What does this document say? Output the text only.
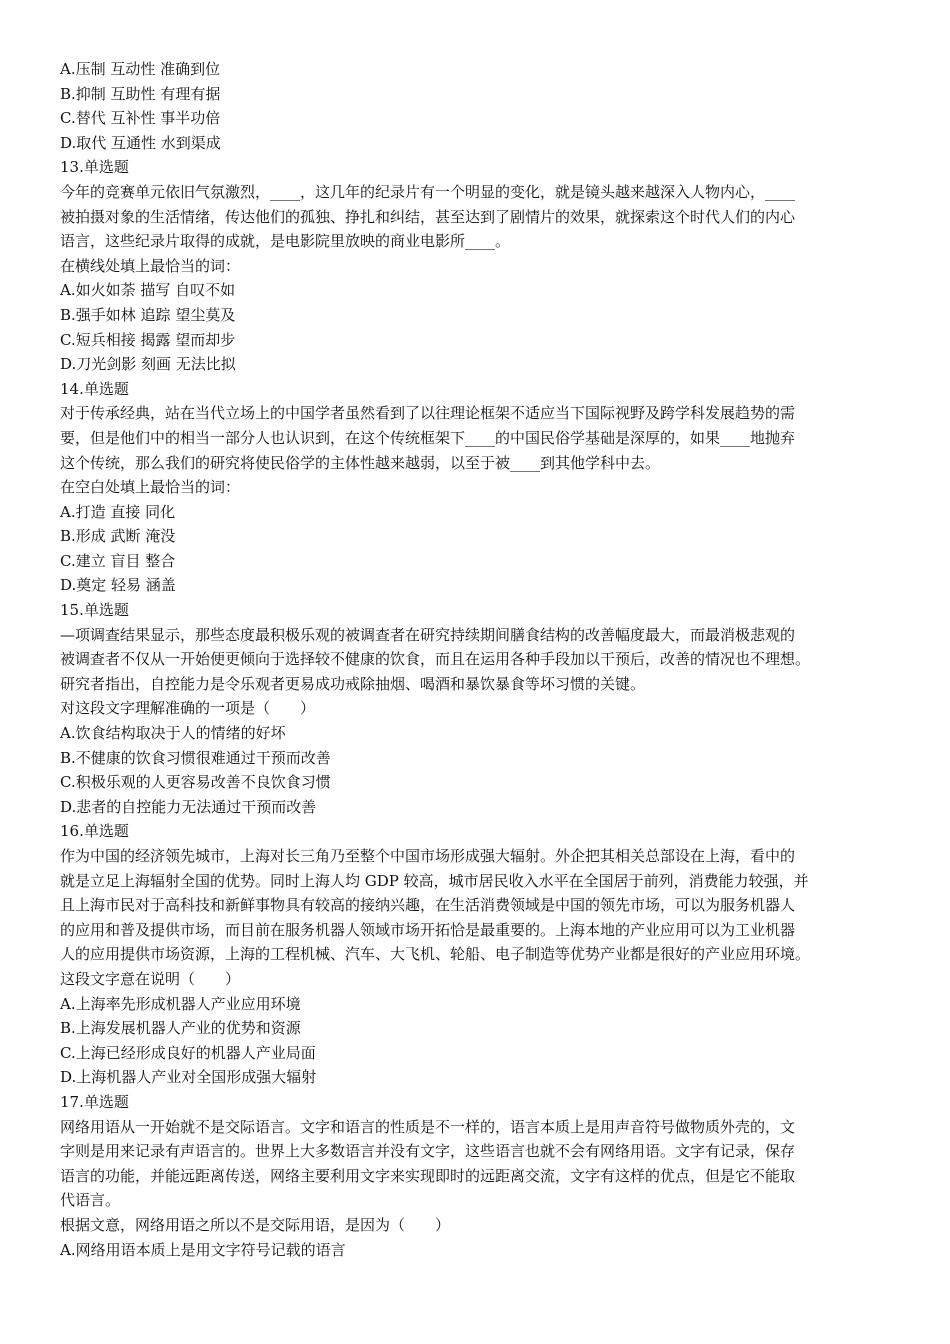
A.压制 互动性 准确到位
B.抑制 互助性 有理有据
C.替代 互补性 事半功倍
D.取代 互通性 水到渠成
13.单选题
今年的竞赛单元依旧气氛激烈，____，这几年的纪录片有一个明显的变化，就是镜头越来越深入人物内心，____
被拍摄对象的生活情绪，传达他们的孤独、挣扎和纠结，甚至达到了剧情片的效果，就探索这个时代人们的内心
语言，这些纪录片取得的成就，是电影院里放映的商业电影所____。
在横线处填上最恰当的词：
A.如火如荼 描写 自叹不如
B.强手如林 追踪 望尘莫及
C.短兵相接 揭露 望而却步
D.刀光剑影 刻画 无法比拟
14.单选题
对于传承经典，站在当代立场上的中国学者虽然看到了以往理论框架不适应当下国际视野及跨学科发展趋势的需
要，但是他们中的相当一部分人也认识到，在这个传统框架下____的中国民俗学基础是深厚的，如果____地抛弃
这个传统，那么我们的研究将使民俗学的主体性越来越弱，以至于被____到其他学科中去。
在空白处填上最恰当的词：
A.打造 直接 同化
B.形成 武断 淹没
C.建立 盲目 整合
D.奠定 轻易 涵盖
15.单选题
—项调查结果显示，那些态度最积极乐观的被调查者在研究持续期间膳食结构的改善幅度最大，而最消极悲观的
被调查者不仅从一开始便更倾向于选择较不健康的饮食，而且在运用各种手段加以干预后，改善的情况也不理想。
研究者指出，自控能力是令乐观者更易成功戒除抽烟、喝酒和暴饮暴食等坏习惯的关键。
对这段文字理解准确的一项是（　　）
A.饮食结构取决于人的情绪的好坏
B.不健康的饮食习惯很难通过干预而改善
C.积极乐观的人更容易改善不良饮食习惯
D.悲者的自控能力无法通过干预而改善
16.单选题
作为中国的经济领先城市，上海对长三角乃至整个中国市场形成强大辐射。外企把其相关总部设在上海，看中的
就是立足上海辐射全国的优势。同时上海人均 GDP 较高，城市居民收入水平在全国居于前列，消费能力较强，并
且上海市民对于高科技和新鲜事物具有较高的接纳兴趣，在生活消费领域是中国的领先市场，可以为服务机器人
的应用和普及提供市场，而目前在服务机器人领域市场开拓恰是最重要的。上海本地的产业应用可以为工业机器
人的应用提供市场资源，上海的工程机械、汽车、大飞机、轮船、电子制造等优势产业都是很好的产业应用环境。
这段文字意在说明（　　）
A.上海率先形成机器人产业应用环境
B.上海发展机器人产业的优势和资源
C.上海已经形成良好的机器人产业局面
D.上海机器人产业对全国形成强大辐射
17.单选题
网络用语从一开始就不是交际语言。文字和语言的性质是不一样的，语言本质上是用声音符号做物质外壳的，文
字则是用来记录有声语言的。世界上大多数语言并没有文字，这些语言也就不会有网络用语。文字有记录，保存
语言的功能，并能远距离传送，网络主要利用文字来实现即时的远距离交流，文字有这样的优点，但是它不能取
代语言。
根据文意，网络用语之所以不是交际用语，是因为（　　）
A.网络用语本质上是用文字符号记载的语言
